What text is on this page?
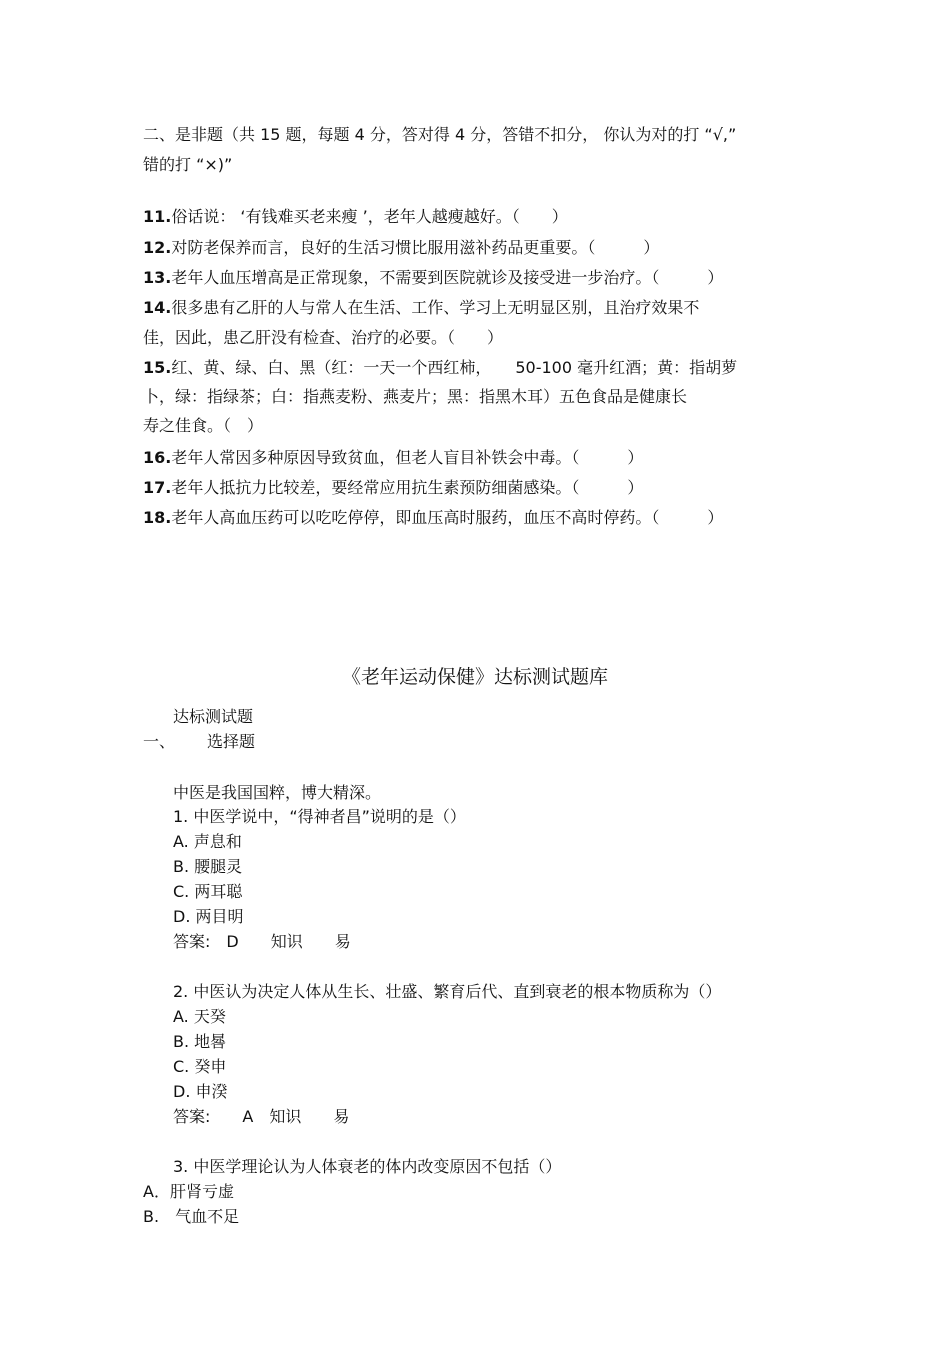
二、是非题（共 15 题，每题 4 分，答对得 4 分，答错不扣分， 你认为对的打 “√,”
错的打 “×)”
11.俗话说： ‘有钱难买老来瘦 ’，老年人越瘦越好。（　　）
12.对防老保养而言，良好的生活习惯比服用滋补药品更重要。（　　　）
13.老年人血压增高是正常现象，不需要到医院就诊及接受进一步治疗。（　　　）
14.很多患有乙肝的人与常人在生活、工作、学习上无明显区别，且治疗效果不
佳，因此，患乙肝没有检查、治疗的必要。（　　）
15.红、黄、绿、白、黑（红：一天一个西红柿，　　50-100 毫升红酒；黄：指胡萝
卜，绿：指绿茶；白：指燕麦粉、燕麦片；黑：指黑木耳）五色食品是健康长
寿之佳食。（　）
16.老年人常因多种原因导致贫血，但老人盲目补铁会中毒。（　　　）
17.老年人抵抗力比较差，要经常应用抗生素预防细菌感染。（　　　）
18.老年人高血压药可以吃吃停停，即血压高时服药，血压不高时停药。（　　　）
《老年运动保健》达标测试题库
达标测试题
一、 选择题
中医是我国国粹，博大精深。
1. 中医学说中，“得神者昌”说明的是（）
A. 声息和
B. 腰腿灵
C. 两耳聪
D. 两目明
答案:　D　　知识　　易
2. 中医认为决定人体从生长、壮盛、繁育后代、直到衰老的根本物质称为（）
A. 天癸
B. 地晷
C. 癸申
D. 申湀
答案:　　A　知识　　易
3. 中医学理论认为人体衰老的体内改变原因不包括（）
A．肝肾亏虚
B.　气血不足
